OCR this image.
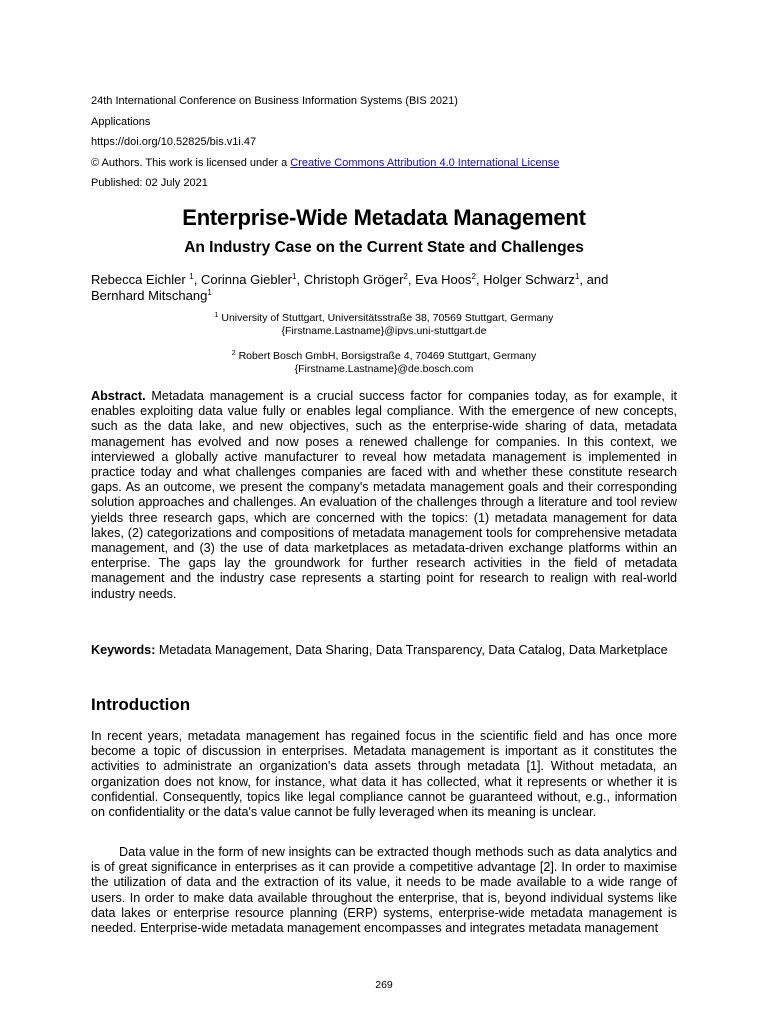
24th International Conference on Business Information Systems (BIS 2021)
Applications
https://doi.org/10.52825/bis.v1i.47
© Authors. This work is licensed under a Creative Commons Attribution 4.0 International License
Published: 02 July 2021
Enterprise-Wide Metadata Management
An Industry Case on the Current State and Challenges
Rebecca Eichler $^1$, Corinna Giebler$^1$, Christoph Gröger$^2$, Eva Hoos$^2$, Holger Schwarz$^1$, and
Bernhard Mitschang$^1$
$^1$ University of Stuttgart, Universitätsstraße 38, 70569 Stuttgart, Germany
{Firstname.Lastname}@ipvs.uni-stuttgart.de
$^2$ Robert Bosch GmbH, Borsigstraße 4, 70469 Stuttgart, Germany
{Firstname.Lastname}@de.bosch.com
Abstract. Metadata management is a crucial success factor for companies today, as for example, it enables exploiting data value fully or enables legal compliance. With the emergence of new concepts, such as the data lake, and new objectives, such as the enterprise-wide sharing of data, metadata management has evolved and now poses a renewed challenge for companies. In this context, we interviewed a globally active manufacturer to reveal how metadata management is implemented in practice today and what challenges companies are faced with and whether these constitute research gaps. As an outcome, we present the company's metadata management goals and their corresponding solution approaches and challenges. An evaluation of the challenges through a literature and tool review yields three research gaps, which are concerned with the topics: (1) metadata management for data lakes, (2) categorizations and compositions of metadata management tools for comprehensive metadata management, and (3) the use of data marketplaces as metadata-driven exchange platforms within an enterprise. The gaps lay the groundwork for further research activities in the field of metadata management and the industry case represents a starting point for research to realign with real-world industry needs.
Keywords: Metadata Management, Data Sharing, Data Transparency, Data Catalog, Data Marketplace
Introduction
In recent years, metadata management has regained focus in the scientific field and has once more become a topic of discussion in enterprises. Metadata management is important as it constitutes the activities to administrate an organization's data assets through metadata [1]. Without metadata, an organization does not know, for instance, what data it has collected, what it represents or whether it is confidential. Consequently, topics like legal compliance cannot be guaranteed without, e.g., information on confidentiality or the data's value cannot be fully leveraged when its meaning is unclear.
Data value in the form of new insights can be extracted though methods such as data analytics and is of great significance in enterprises as it can provide a competitive advantage [2]. In order to maximise the utilization of data and the extraction of its value, it needs to be made available to a wide range of users. In order to make data available throughout the enterprise, that is, beyond individual systems like data lakes or enterprise resource planning (ERP) systems, enterprise-wide metadata management is needed. Enterprise-wide metadata management encompasses and integrates metadata management
269
